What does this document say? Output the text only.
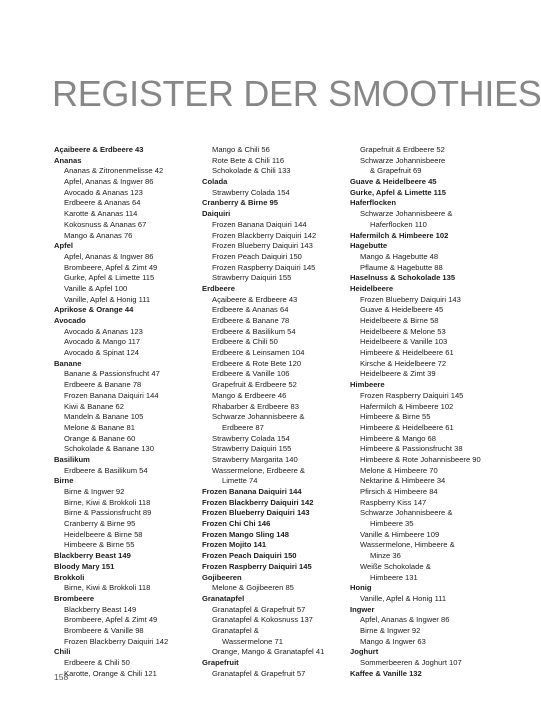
REGISTER DER SMOOTHIES
Açaibeere & Erdbeere 43
Ananas
Ananas & Zitronenmelisse 42
Apfel, Ananas & Ingwer 86
Avocado & Ananas 123
Erdbeere & Ananas 64
Karotte & Ananas 114
Kokosnuss & Ananas 67
Mango & Ananas 76
Apfel
Apfel, Ananas & Ingwer 86
Brombeere, Apfel & Zimt 49
Gurke, Apfel & Limette 115
Vanille & Apfel 100
Vanille, Apfel & Honig 111
Aprikose & Orange 44
Avocado
Avocado & Ananas 123
Avocado & Mango 117
Avocado & Spinat 124
Banane
Banane & Passionsfrucht 47
Erdbeere & Banane 78
Frozen Banana Daiquiri 144
Kiwi & Banane 62
Mandeln & Banane 105
Melone & Banane 81
Orange & Banane 60
Schokolade & Banane 130
Basilikum
Erdbeere & Basilikum 54
Birne
Birne & Ingwer 92
Birne, Kiwi & Brokkoli 118
Birne & Passionsfrucht 89
Cranberry & Birne 95
Heidelbeere & Birne 58
Himbeere & Birne 55
Blackberry Beast 149
Bloody Mary 151
Brokkoli
Birne, Kiwi & Brokkoli 118
Brombeere
Blackberry Beast 149
Brombeere, Apfel & Zimt 49
Brombeere & Vanille 98
Frozen Blackberry Daiquiri 142
Chili
Erdbeere & Chili 50
Karotte, Orange & Chili 121
Mango & Chili 56
Rote Bete & Chili 116
Schokolade & Chili 133
Colada
Strawberry Colada 154
Cranberry & Birne 95
Daiquiri
Frozen Banana Daiquiri 144
Frozen Blackberry Daiquiri 142
Frozen Blueberry Daiquiri 143
Frozen Peach Daiquiri 150
Frozen Raspberry Daiquiri 145
Strawberry Daiquiri 155
Erdbeere
Açaibeere & Erdbeere 43
Erdbeere & Ananas 64
Erdbeere & Banane 78
Erdbeere & Basilikum 54
Erdbeere & Chili 50
Erdbeere & Leinsamen 104
Erdbeere & Rote Bete 120
Erdbeere & Vanille 106
Grapefruit & Erdbeere 52
Mango & Erdbeere 46
Rhabarber & Erdbeere 83
Schwarze Johannisbeere &
Erdbeere 87
Strawberry Colada 154
Strawberry Daiquiri 155
Strawberry Margarita 140
Wassermelone, Erdbeere &
Limette 74
Frozen Banana Daiquiri 144
Frozen Blackberry Daiquiri 142
Frozen Blueberry Daiquiri 143
Frozen Chi Chi 146
Frozen Mango Sling 148
Frozen Mojito 141
Frozen Peach Daiquiri 150
Frozen Raspberry Daiquiri 145
Gojibeeren
Melone & Gojibeeren 85
Granatapfel
Granatapfel & Grapefruit 57
Granatapfel & Kokosnuss 137
Granatapfel &
Wassermelone 71
Orange, Mango & Granatapfel 41
Grapefruit
Granatapfel & Grapefruit 57
Grapefruit & Erdbeere 52
Schwarze Johannisbeere
& Grapefruit 69
Guave & Heidelbeere 45
Gurke, Apfel & Limette 115
Haferflocken
Schwarze Johannisbeere &
Haferflocken 110
Hafermilch & Himbeere 102
Hagebutte
Mango & Hagebutte 48
Pflaume & Hagebutte 88
Haselnuss & Schokolade 135
Heidelbeere
Frozen Blueberry Daiquiri 143
Guave & Heidelbeere 45
Heidelbeere & Birne 58
Heidelbeere & Melone 53
Heidelbeere & Vanille 103
Himbeere & Heidelbeere 61
Kirsche & Heidelbeere 72
Heidelbeere & Zimt 39
Himbeere
Frozen Raspberry Daiquiri 145
Hafermilch & Himbeere 102
Himbeere & Birne 55
Himbeere & Heidelbeere 61
Himbeere & Mango 68
Himbeere & Passionsfrucht 38
Himbeere & Rote Johannisbeere 90
Melone & Himbeere 70
Nektarine & Himbeere 34
Pfirsich & Himbeere 84
Raspberry Kiss 147
Schwarze Johannisbeere &
Himbeere 35
Vanille & Himbeere 109
Wassermelone, Himbeere &
Minze 36
Weiße Schokolade &
Himbeere 131
Honig
Vanille, Apfel & Honig 111
Ingwer
Apfel, Ananas & Ingwer 86
Birne & Ingwer 92
Mango & Ingwer 63
Joghurt
Sommerbeeren & Joghurt 107
Kaffee & Vanille 132
158
